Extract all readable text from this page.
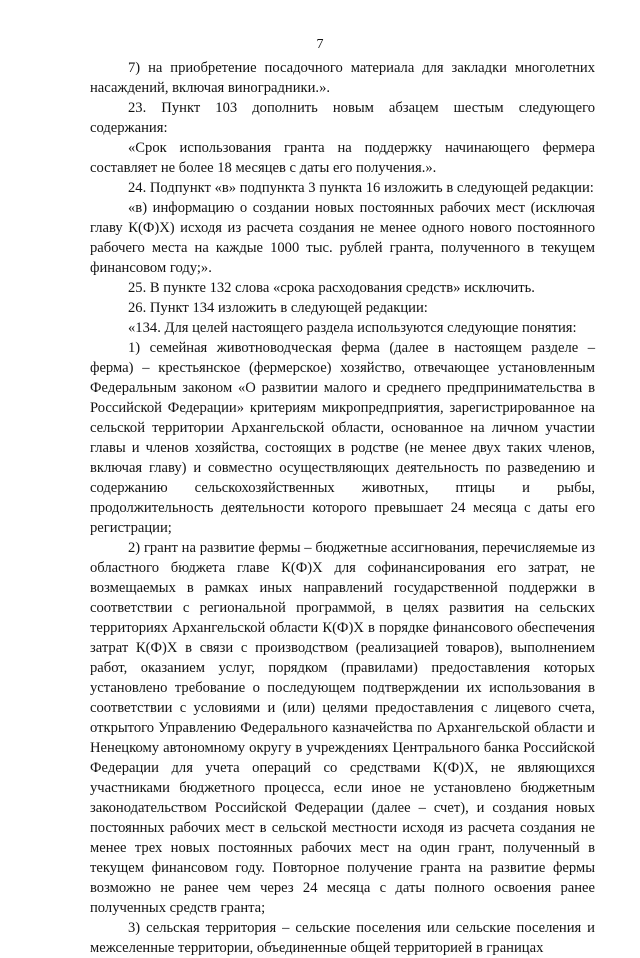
7

7) на приобретение посадочного материала для закладки многолетних насаждений, включая виноградники.».

23. Пункт 103 дополнить новым абзацем шестым следующего содержания:

«Срок использования гранта на поддержку начинающего фермера составляет не более 18 месяцев с даты его получения.».

24. Подпункт «в» подпункта 3 пункта 16 изложить в следующей редакции:

«в) информацию о создании новых постоянных рабочих мест (исключая главу К(Ф)Х) исходя из расчета создания не менее одного нового постоянного рабочего места на каждые 1000 тыс. рублей гранта, полученного в текущем финансовом году;».

25. В пункте 132 слова «срока расходования средств» исключить.

26. Пункт 134 изложить в следующей редакции:

«134. Для целей настоящего раздела используются следующие понятия:

1) семейная животноводческая ферма (далее в настоящем разделе – ферма) – крестьянское (фермерское) хозяйство, отвечающее установленным Федеральным законом «О развитии малого и среднего предпринимательства в Российской Федерации» критериям микропредприятия, зарегистрированное на сельской территории Архангельской области, основанное на личном участии главы и членов хозяйства, состоящих в родстве (не менее двух таких членов, включая главу) и совместно осуществляющих деятельность по разведению и содержанию сельскохозяйственных животных, птицы и рыбы, продолжительность деятельности которого превышает 24 месяца с даты его регистрации;

2) грант на развитие фермы – бюджетные ассигнования, перечисляемые из областного бюджета главе К(Ф)Х для софинансирования его затрат, не возмещаемых в рамках иных направлений государственной поддержки в соответствии с региональной программой, в целях развития на сельских территориях Архангельской области К(Ф)Х в порядке финансового обеспечения затрат К(Ф)Х в связи с производством (реализацией товаров), выполнением работ, оказанием услуг, порядком (правилами) предоставления которых установлено требование о последующем подтверждении их использования в соответствии с условиями и (или) целями предоставления с лицевого счета, открытого Управлению Федерального казначейства по Архангельской области и Ненецкому автономному округу в учреждениях Центрального банка Российской Федерации для учета операций со средствами К(Ф)Х, не являющихся участниками бюджетного процесса, если иное не установлено бюджетным законодательством Российской Федерации (далее – счет), и создания новых постоянных рабочих мест в сельской местности исходя из расчета создания не менее трех новых постоянных рабочих мест на один грант, полученный в текущем финансовом году. Повторное получение гранта на развитие фермы возможно не ранее чем через 24 месяца с даты полного освоения ранее полученных средств гранта;

3) сельская территория – сельские поселения или сельские поселения и межселенные территории, объединенные общей территорией в границах
